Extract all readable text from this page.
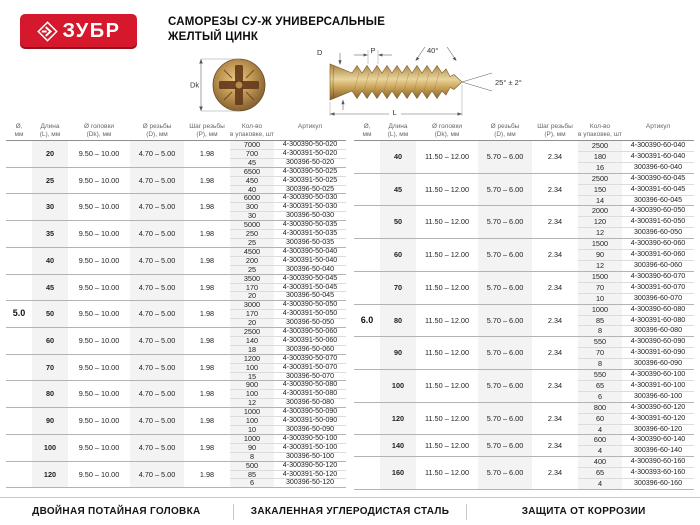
ЗУБР	САМОРЕЗЫ СУ-Ж УНИВЕРСАЛЬНЫЕ
ЖЕЛТЫЙ ЦИНК
Dk
D	P	40°
25° ± 2°
L
Ø,
мм

Длина
(L), мм

Ø головки
(Dk), мм

Ø резьбы
(D), мм

Шаг резьбы
(P), мм

Кол-во
в упаковке, шт

Артикул

	20	9.50 – 10.00	4.70 – 5.00	1.98	7000	4-300390-50-020
					700	4-300391-50-020
					45	300396-50-020
	25	9.50 – 10.00	4.70 – 5.00	1.98	6500	4-300390-50-025
					450	4-300391-50-025
					40	300396-50-025
	30	9.50 – 10.00	4.70 – 5.00	1.98	6000	4-300390-50-030
					300	4-300391-50-030
					30	300396-50-030
	35	9.50 – 10.00	4.70 – 5.00	1.98	5000	4-300390-50-035
					250	4-300391-50-035
					25	300396-50-035
	40	9.50 – 10.00	4.70 – 5.00	1.98	4500	4-300390-50-040
					200	4-300391-50-040
					25	300396-50-040
	45	9.50 – 10.00	4.70 – 5.00	1.98	3500	4-300390-50-045
					170	4-300391-50-045
					20	300396-50-045
5.0	50	9.50 – 10.00	4.70 – 5.00	1.98	3000	4-300390-50-050
					170	4-300391-50-050
					20	300396-50-050
	60	9.50 – 10.00	4.70 – 5.00	1.98	2500	4-300390-50-060
					140	4-300391-50-060
					18	300396-50-060
	70	9.50 – 10.00	4.70 – 5.00	1.98	1200	4-300390-50-070
					100	4-300391-50-070
					15	300396-50-070
	80	9.50 – 10.00	4.70 – 5.00	1.98	900	4-300390-50-080
					100	4-300391-50-080
					12	300396-50-080
	90	9.50 – 10.00	4.70 – 5.00	1.98	1000	4-300390-50-090
					100	4-300391-50-090
					10	300396-50-090
	100	9.50 – 10.00	4.70 – 5.00	1.98	1000	4-300390-50-100
					90	4-300391-50-100
					8	300396-50-100
	120	9.50 – 10.00	4.70 – 5.00	1.98	500	4-300390-50-120
					85	4-300391-50-120
					6	300396-50-120
Ø,
мм

Длина
(L), мм

Ø головки
(Dk), мм

Ø резьбы
(D), мм

Шаг резьбы
(P), мм

Кол-во
в упаковке, шт

Артикул

	40	11.50 – 12.00	5.70 – 6.00	2.34	2500	4-300390-60-040
					180	4-300391-60-040
					16	300396-60-040
	45	11.50 – 12.00	5.70 – 6.00	2.34	2500	4-300390-60-045
					150	4-300391-60-045
					14	300396-60-045
	50	11.50 – 12.00	5.70 – 6.00	2.34	2000	4-300390-60-050
					120	4-300391-60-050
					12	300396-60-050
	60	11.50 – 12.00	5.70 – 6.00	2.34	1500	4-300390-60-060
					90	4-300391-60-060
					12	300396-60-060
	70	11.50 – 12.00	5.70 – 6.00	2.34	1500	4-300390-60-070
					70	4-300391-60-070
					10	300396-60-070
6.0	80	11.50 – 12.00	5.70 – 6.00	2.34	1000	4-300390-60-080
					85	4-300391-60-080
					8	300396-60-080
	90	11.50 – 12.00	5.70 – 6.00	2.34	550	4-300390-60-090
					70	4-300391-60-090
					8	300396-60-090
	100	11.50 – 12.00	5.70 – 6.00	2.34	550	4-300390-60-100
					65	4-300391-60-100
					6	300396-60-100
	120	11.50 – 12.00	5.70 – 6.00	2.34	800	4-300390-60-120
					60	4-300391-60-120
					4	300396-60-120
	140	11.50 – 12.00	5.70 – 6.00	2.34	600	4-300390-60-140
					4	300396-60-140
	160	11.50 – 12.00	5.70 – 6.00	2.34	400	4-300390-60-160
					65	4-300393-60-160
					4	300396-60-160
ДВОЙНАЯ ПОТАЙНАЯ ГОЛОВКА	ЗАКАЛЕННАЯ УГЛЕРОДИСТАЯ СТАЛЬ	ЗАЩИТА ОТ КОРРОЗИИ
